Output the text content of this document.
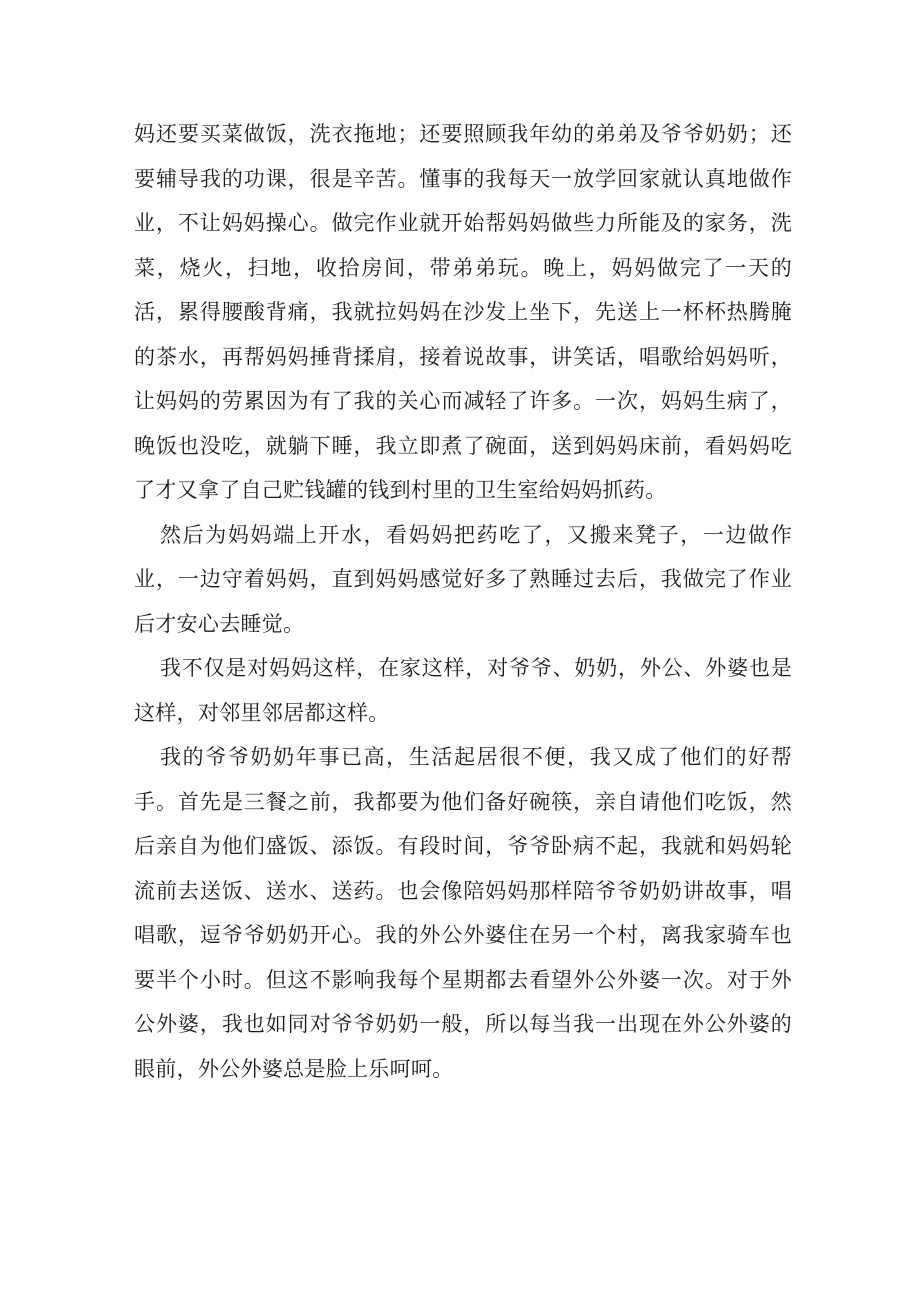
妈还要买菜做饭，洗衣拖地；还要照顾我年幼的弟弟及爷爷奶奶；还要辅导我的功课，很是辛苦。懂事的我每天一放学回家就认真地做作业，不让妈妈操心。做完作业就开始帮妈妈做些力所能及的家务，洗菜，烧火，扫地，收拾房间，带弟弟玩。晚上，妈妈做完了一天的活，累得腰酸背痛，我就拉妈妈在沙发上坐下，先送上一杯杯热腾腌的茶水，再帮妈妈捶背揉肩，接着说故事，讲笑话，唱歌给妈妈听，让妈妈的劳累因为有了我的关心而减轻了许多。一次，妈妈生病了，晚饭也没吃，就躺下睡，我立即煮了碗面，送到妈妈床前，看妈妈吃了才又拿了自己贮钱罐的钱到村里的卫生室给妈妈抓药。

然后为妈妈端上开水，看妈妈把药吃了，又搬来凳子，一边做作业，一边守着妈妈，直到妈妈感觉好多了熟睡过去后，我做完了作业后才安心去睡觉。

我不仅是对妈妈这样，在家这样，对爷爷、奶奶，外公、外婆也是这样，对邻里邻居都这样。

我的爷爷奶奶年事已高，生活起居很不便，我又成了他们的好帮手。首先是三餐之前，我都要为他们备好碗筷，亲自请他们吃饭，然后亲自为他们盛饭、添饭。有段时间，爷爷卧病不起，我就和妈妈轮流前去送饭、送水、送药。也会像陪妈妈那样陪爷爷奶奶讲故事，唱唱歌，逗爷爷奶奶开心。我的外公外婆住在另一个村，离我家骑车也要半个小时。但这不影响我每个星期都去看望外公外婆一次。对于外公外婆，我也如同对爷爷奶奶一般，所以每当我一出现在外公外婆的眼前，外公外婆总是脸上乐呵呵。
